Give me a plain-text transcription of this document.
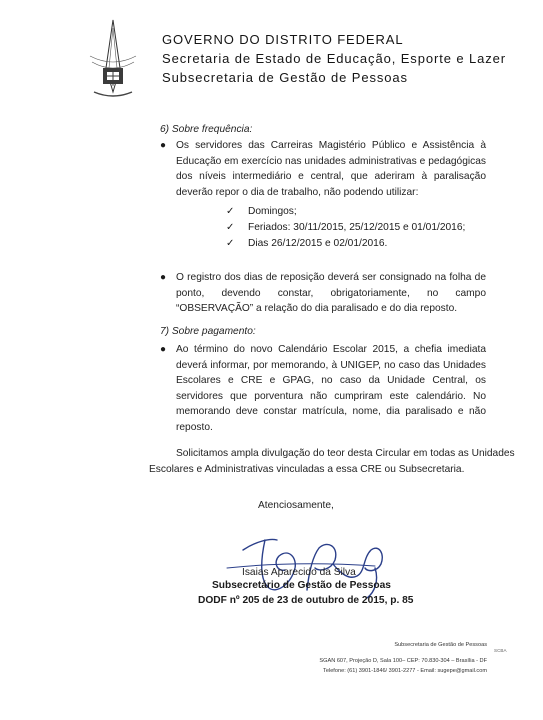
GOVERNO DO DISTRITO FEDERAL
Secretaria de Estado de Educação, Esporte e Lazer
Subsecretaria de Gestão de Pessoas
6) Sobre frequência:
● Os servidores das Carreiras Magistério Público e Assistência à Educação em exercício nas unidades administrativas e pedagógicas dos níveis intermediário e central, que aderiram à paralisação deverão repor o dia de trabalho, não podendo utilizar:
✓ Domingos;
✓ Feriados: 30/11/2015, 25/12/2015 e 01/01/2016;
✓ Dias 26/12/2015 e 02/01/2016.
● O registro dos dias de reposição deverá ser consignado na folha de ponto, devendo constar, obrigatoriamente, no campo “OBSERVAÇÃO” a relação do dia paralisado e do dia reposto.
7) Sobre pagamento:
● Ao término do novo Calendário Escolar 2015, a chefia imediata deverá informar, por memorando, à UNIGEP, no caso das Unidades Escolares e CRE e GPAG, no caso da Unidade Central, os servidores que porventura não cumpriram este calendário. No memorando deve constar matrícula, nome, dia paralisado e não reposto.
Solicitamos ampla divulgação do teor desta Circular em todas as Unidades
Escolares e Administrativas vinculadas a essa CRE ou Subsecretaria.
Atenciosamente,
Isaias Aparecido da Silva
Subsecretário de Gestão de Pessoas
DODF nº 205 de 23 de outubro de 2015, p. 85
Subsecretaria de Gestão de Pessoas
SGAN 607, Projeção D, Sala 100– CEP: 70.830-304 – Brasília - DF
Telefone: (61) 3901-1846/ 3901-2277 - Email: sugepe@gmail.com
SCBA
